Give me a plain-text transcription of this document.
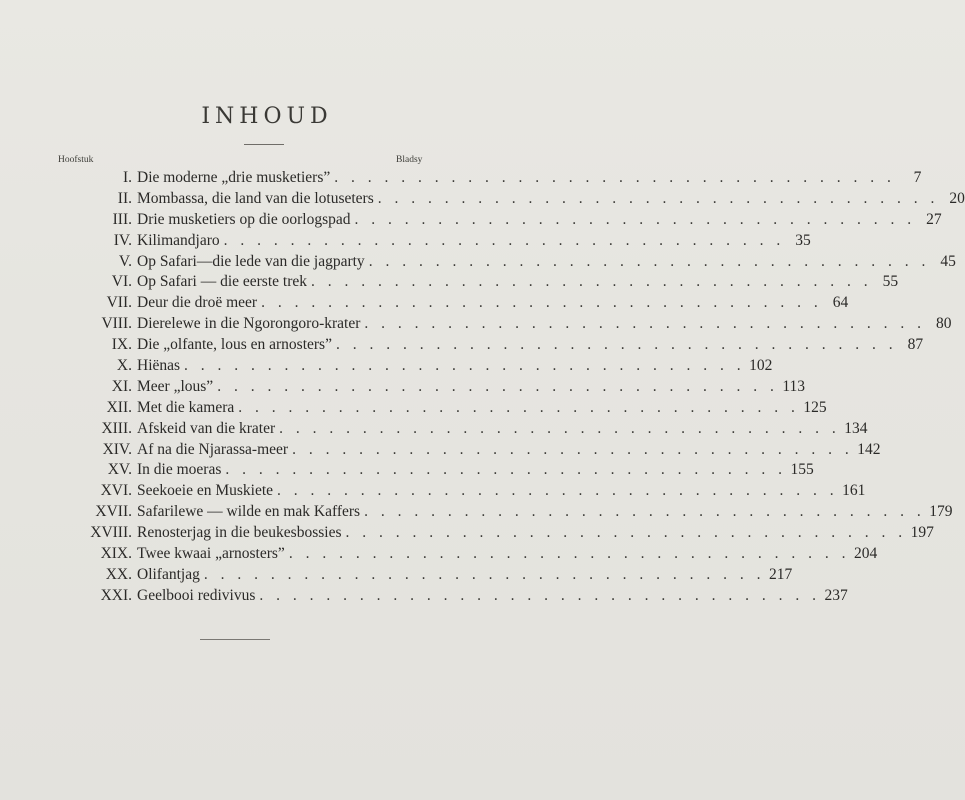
INHOUD
Hoofstuk	Bladsy
I. Die moderne „drie musketiers” . . . . . . . . . . . . . . . . . . . . . . . . . . . . . . . . . .	7
II. Mombassa, die land van die lotuseters . . . . . . . . . . . . . . . . . . . . . . . . . . . . . . . . . . 20
III. Drie musketiers op die oorlogspad . . . . . . . . . . . . . . . . . . . . . . . . . . . . . . . . . . 27
IV. Kilimandjaro . . . . . . . . . . . . . . . . . . . . . . . . . . . . . . . . . . 35
V. Op Safari—die lede van die jagparty . . . . . . . . . . . . . . . . . . . . . . . . . . . . . . . . . . 45
VI. Op Safari — die eerste trek . . . . . . . . . . . . . . . . . . . . . . . . . . . . . . . . . . 55
VII. Deur die droë meer . . . . . . . . . . . . . . . . . . . . . . . . . . . . . . . . . . 64
VIII. Dierelewe in die Ngorongoro-krater . . . . . . . . . . . . . . . . . . . . . . . . . . . . . . . . . . 80
IX. Die „olfante, lous en arnosters” . . . . . . . . . . . . . . . . . . . . . . . . . . . . . . . . . . 87
X. Hiënas . . . . . . . . . . . . . . . . . . . . . . . . . . . . . . . . . . 102
XI. Meer „lous” . . . . . . . . . . . . . . . . . . . . . . . . . . . . . . . . . . 113
XII. Met die kamera . . . . . . . . . . . . . . . . . . . . . . . . . . . . . . . . . . 125
XIII. Afskeid van die krater . . . . . . . . . . . . . . . . . . . . . . . . . . . . . . . . . . 134
XIV. Af na die Njarassa-meer . . . . . . . . . . . . . . . . . . . . . . . . . . . . . . . . . . 142
XV. In die moeras . . . . . . . . . . . . . . . . . . . . . . . . . . . . . . . . . . 155
XVI. Seekoeie en Muskiete . . . . . . . . . . . . . . . . . . . . . . . . . . . . . . . . . . 161
XVII. Safarilewe — wilde en mak Kaffers . . . . . . . . . . . . . . . . . . . . . . . . . . . . . . . . . . 179
XVIII. Renosterjag in die beukesbossies . . . . . . . . . . . . . . . . . . . . . . . . . . . . . . . . . . 197
XIX. Twee kwaai „arnosters” . . . . . . . . . . . . . . . . . . . . . . . . . . . . . . . . . . 204
XX. Olifantjag . . . . . . . . . . . . . . . . . . . . . . . . . . . . . . . . . . 217
XXI. Geelbooi redivivus . . . . . . . . . . . . . . . . . . . . . . . . . . . . . . . . . . 237
